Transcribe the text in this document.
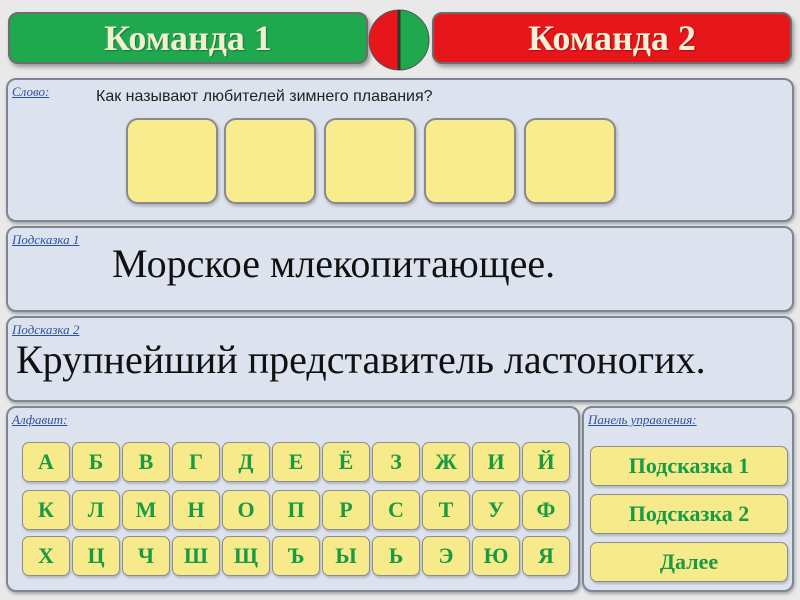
Команда 1	Команда 2
Слово:	Как называют любителей зимнего плавания?
Подсказка 1
Морское млекопитающее.
Подсказка 2
Крупнейший представитель ластоногих.
Алфавит:
А	Б	В	Г	Д	Е	Ё	З	Ж	И	Й
К	Л	М	Н	О	П	Р	С	Т	У	Ф
Х	Ц	Ч	Ш	Щ	Ъ	Ы	Ь	Э	Ю	Я
Панель управления:
Подсказка 1
Подсказка 2
Далее
